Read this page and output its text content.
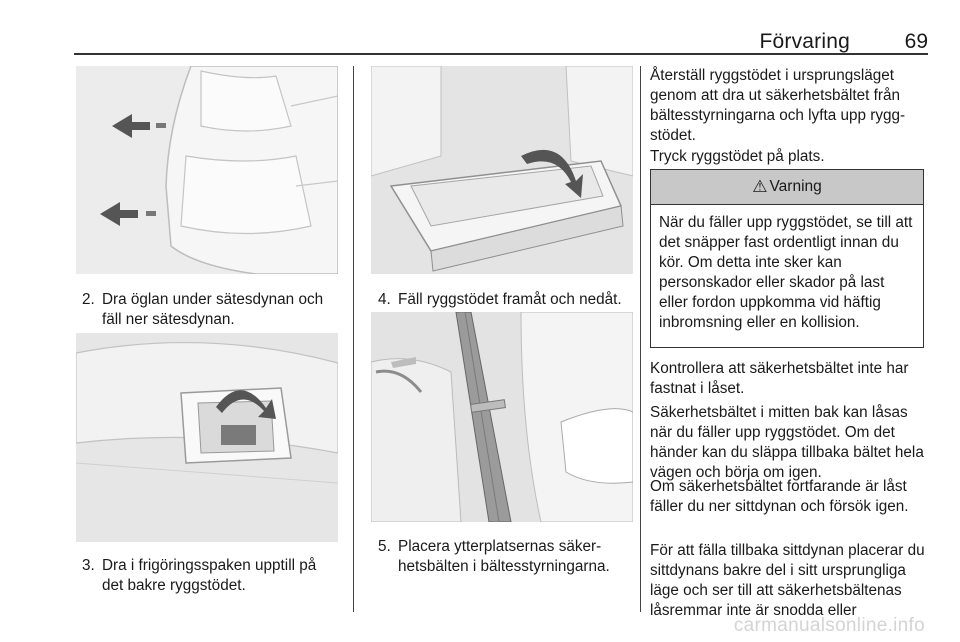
Förvaring	69
2. Dra öglan under sätesdynan och fäll ner sätesdynan.
3. Dra i frigöringsspaken upptill på det bakre ryggstödet.
4. Fäll ryggstödet framåt och nedåt.
5. Placera ytterplatsernas säkerhetsbälten i bältesstyrningarna.

Återställ ryggstödet i ursprungsläget genom att dra ut säkerhetsbältet från bältesstyrningarna och lyfta upp ryggstödet.

Tryck ryggstödet på plats.

⚠ Varning
När du fäller upp ryggstödet, se till att det snäpper fast ordentligt innan du kör. Om detta inte sker kan personskador eller skador på last eller fordon uppkomma vid häftig inbromsning eller en kollision.

Kontrollera att säkerhetsbältet inte har fastnat i låset.

Säkerhetsbältet i mitten bak kan låsas när du fäller upp ryggstödet. Om det händer kan du släppa tillbaka bältet hela vägen och börja om igen.

Om säkerhetsbältet fortfarande är låst fäller du ner sittdynan och försök igen.

För att fälla tillbaka sittdynan placerar du sittdynans bakre del i sitt ursprungliga läge och ser till att säkerhetsbältenas låsremmar inte är snodda eller

carmanualsonline.info
